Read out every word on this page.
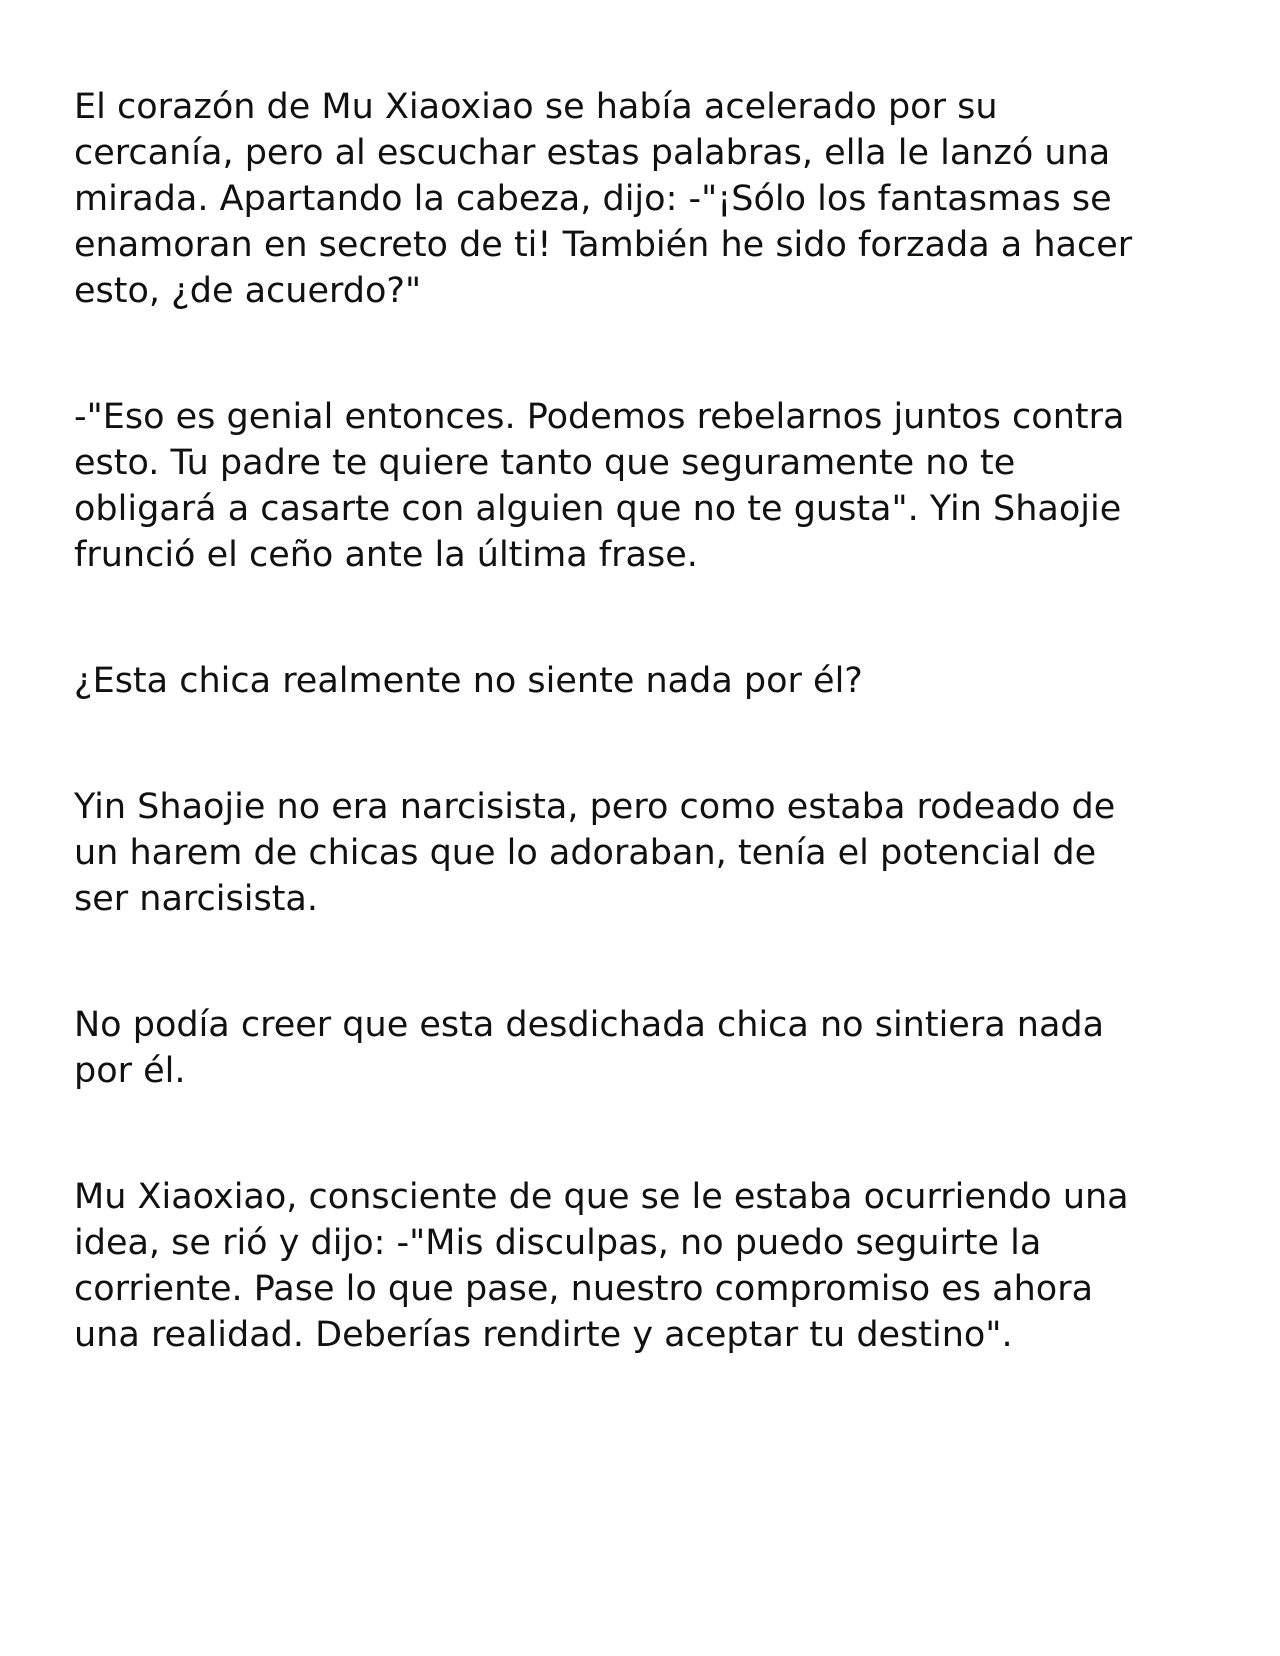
El corazón de Mu Xiaoxiao se había acelerado por su
cercanía, pero al escuchar estas palabras, ella le lanzó una
mirada. Apartando la cabeza, dijo: -"¡Sólo los fantasmas se
enamoran en secreto de ti! También he sido forzada a hacer
esto, ¿de acuerdo?"

-"Eso es genial entonces. Podemos rebelarnos juntos contra
esto. Tu padre te quiere tanto que seguramente no te
obligará a casarte con alguien que no te gusta". Yin Shaojie
frunció el ceño ante la última frase.

¿Esta chica realmente no siente nada por él?

Yin Shaojie no era narcisista, pero como estaba rodeado de
un harem de chicas que lo adoraban, tenía el potencial de
ser narcisista.

No podía creer que esta desdichada chica no sintiera nada
por él.

Mu Xiaoxiao, consciente de que se le estaba ocurriendo una
idea, se rió y dijo: -"Mis disculpas, no puedo seguirte la
corriente. Pase lo que pase, nuestro compromiso es ahora
una realidad. Deberías rendirte y aceptar tu destino".
